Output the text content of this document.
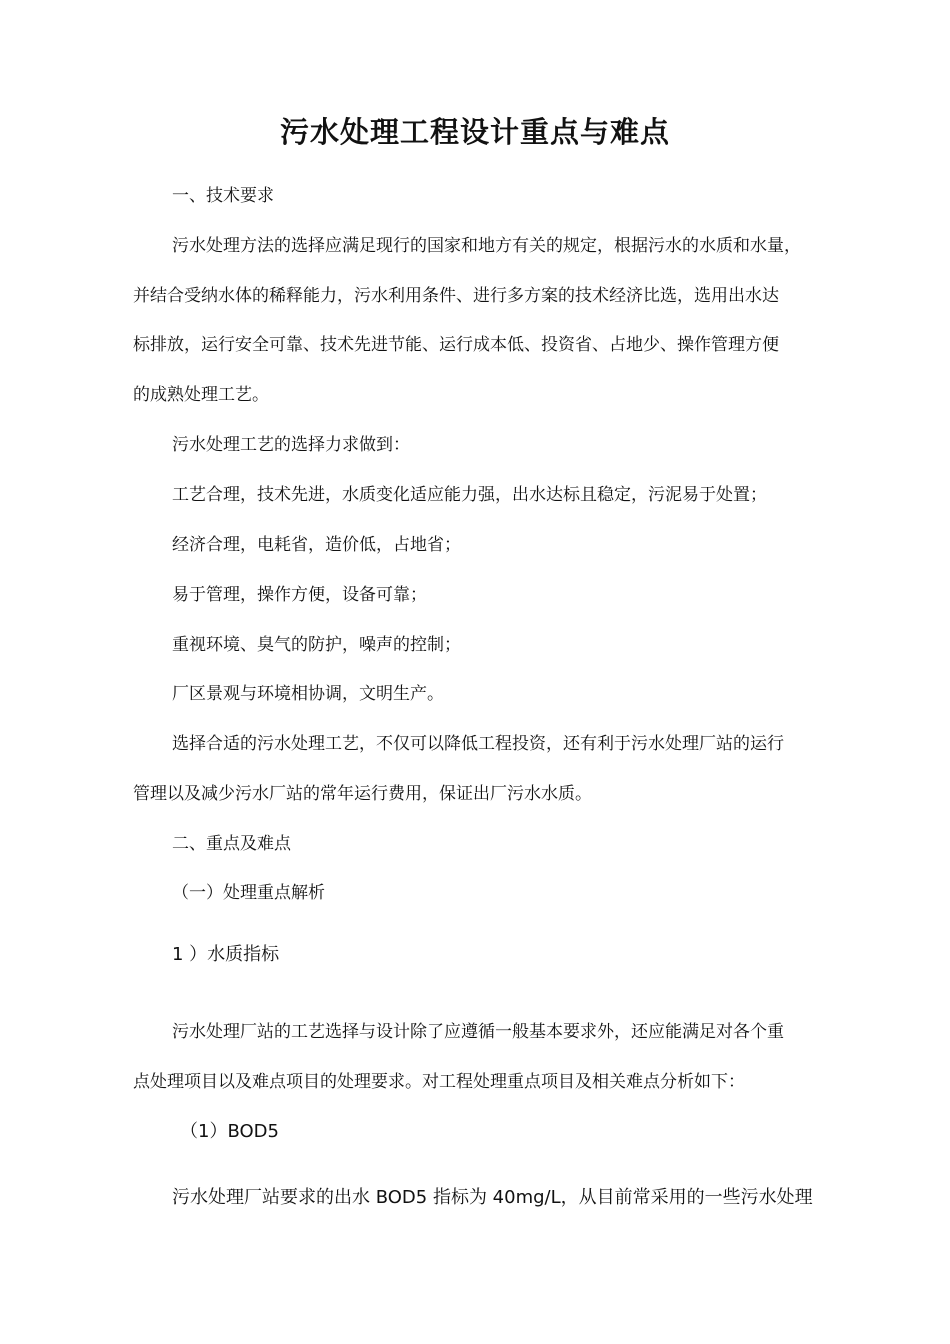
污水处理工程设计重点与难点

一、技术要求

污水处理方法的选择应满足现行的国家和地方有关的规定，根据污水的水质和水量，

并结合受纳水体的稀释能力，污水利用条件、进行多方案的技术经济比选，选用出水达

标排放，运行安全可靠、技术先进节能、运行成本低、投资省、占地少、操作管理方便

的成熟处理工艺。

污水处理工艺的选择力求做到：

工艺合理，技术先进，水质变化适应能力强，出水达标且稳定，污泥易于处置；

经济合理，电耗省，造价低，占地省；

易于管理，操作方便，设备可靠；

重视环境、臭气的防护，噪声的控制；

厂区景观与环境相协调，文明生产。

选择合适的污水处理工艺，不仅可以降低工程投资，还有利于污水处理厂站的运行

管理以及减少污水厂站的常年运行费用，保证出厂污水水质。

二、重点及难点

（一）处理重点解析

1 ）水质指标

污水处理厂站的工艺选择与设计除了应遵循一般基本要求外，还应能满足对各个重

点处理项目以及难点项目的处理要求。对工程处理重点项目及相关难点分析如下：

（1）BOD5

污水处理厂站要求的出水 BOD5 指标为 40mg/L，从目前常采用的一些污水处理
